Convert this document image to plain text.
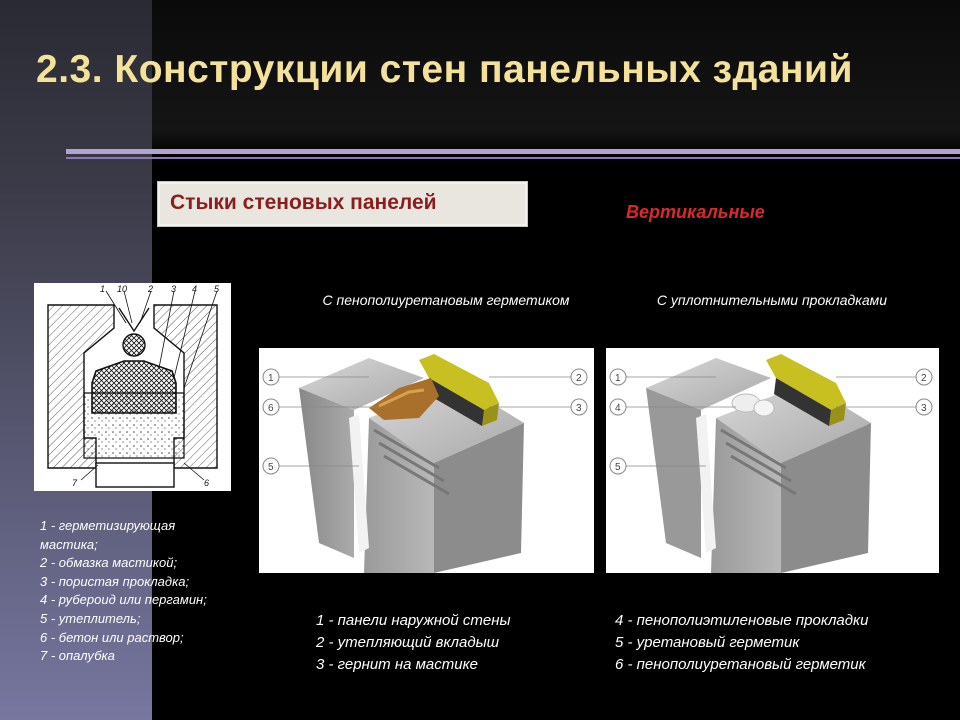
2.3. Конструкции стен панельных зданий
Стыки стеновых панелей	Вертикальные
С пенополиуретановым герметиком	С уплотнительными прокладками
1 10 2 3 4 5
7	6
1
6
5
2
3
1
4
5
2
3
1 - герметизирующая
мастика;
2 - обмазка мастикой;
3 - пористая прокладка;
4 - рубероид или пергамин;
5 - утеплитель;
6 - бетон или раствор;
7 - опалубка
1 - панели наружной стены
2 - утепляющий вкладыш
3 - гернит на мастике
4 - пенополиэтиленовые прокладки
5 - уретановый герметик
6 - пенополиуретановый герметик
